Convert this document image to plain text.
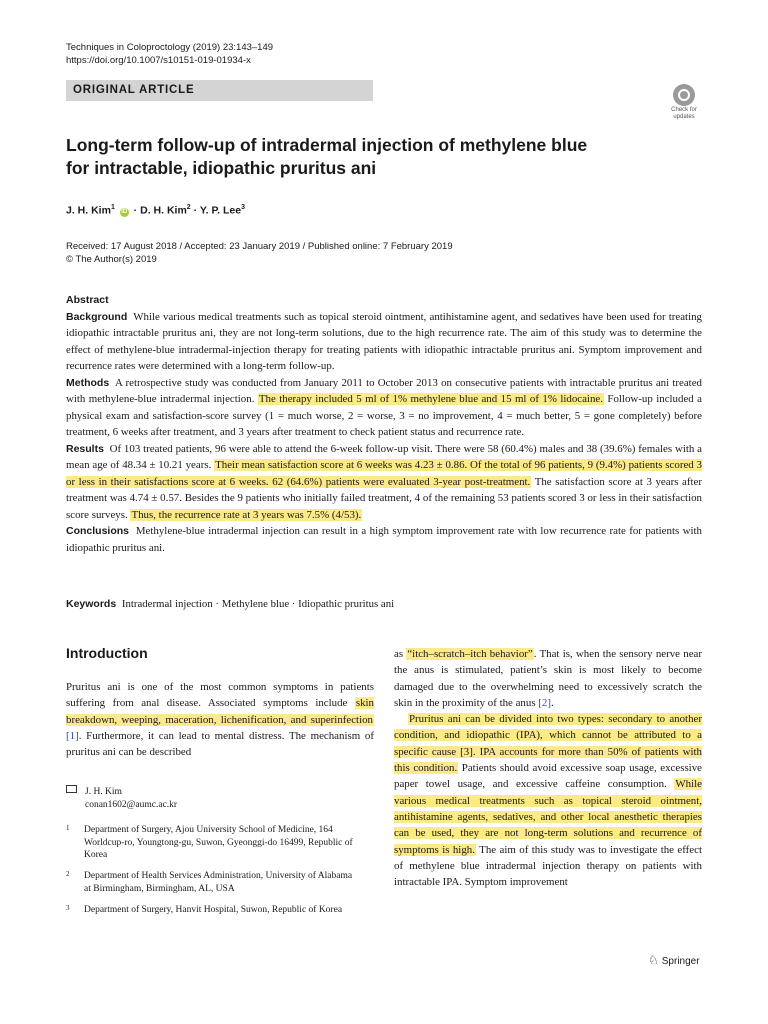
Techniques in Coloproctology (2019) 23:143–149
https://doi.org/10.1007/s10151-019-01934-x
ORIGINAL ARTICLE
Check for
updates
Long-term follow-up of intradermal injection of methylene blue
for intractable, idiopathic pruritus ani
J. H. Kim$^1$ iD · D. H. Kim$^2$ · Y. P. Lee$^3$
Received: 17 August 2018 / Accepted: 23 January 2019 / Published online: 7 February 2019
© The Author(s) 2019
Abstract

Background While various medical treatments such as topical steroid ointment, antihistamine agent, and sedatives have been used for treating idiopathic intractable pruritus ani, they are not long-term solutions, due to the high recurrence rate. The aim of this study was to determine the effect of methylene-blue intradermal-injection therapy for treating patients with idiopathic intractable pruritus ani. Symptom improvement and recurrence rates were determined with a long-term follow-up.

Methods A retrospective study was conducted from January 2011 to October 2013 on consecutive patients with intractable pruritus ani treated with methylene-blue intradermal injection. The therapy included 5 ml of 1% methylene blue and 15 ml of 1% lidocaine. Follow-up included a physical exam and satisfaction-score survey (1 = much worse, 2 = worse, 3 = no improvement, 4 = much better, 5 = gone completely) before treatment, 6 weeks after treatment, and 3 years after treatment to check patient status and recurrence rate.

Results Of 103 treated patients, 96 were able to attend the 6-week follow-up visit. There were 58 (60.4%) males and 38 (39.6%) females with a mean age of 48.34 ± 10.21 years. Their mean satisfaction score at 6 weeks was 4.23 ± 0.86. Of the total of 96 patients, 9 (9.4%) patients scored 3 or less in their satisfactions score at 6 weeks. 62 (64.6%) patients were evaluated 3-year post-treatment. The satisfaction score at 3 years after treatment was 4.74 ± 0.57. Besides the 9 patients who initially failed treatment, 4 of the remaining 53 patients scored 3 or less in their satisfaction score surveys. Thus, the recurrence rate at 3 years was 7.5% (4/53).

Conclusions Methylene-blue intradermal injection can result in a high symptom improvement rate with low recurrence rate for patients with idiopathic pruritus ani.

Keywords Intradermal injection · Methylene blue · Idiopathic pruritus ani
Introduction
Pruritus ani is one of the most common symptoms in patients suffering from anal disease. Associated symptoms include skin breakdown, weeping, maceration, lichenification, and superinfection [1]. Furthermore, it can lead to mental distress. The mechanism of pruritus ani can be described

as “itch–scratch–itch behavior”. That is, when the sensory nerve near the anus is stimulated, patient’s skin is most likely to become damaged due to the overwhelming need to excessively scratch the skin in the proximity of the anus [2].

Pruritus ani can be divided into two types: secondary to another condition, and idiopathic (IPA), which cannot be attributed to a specific cause [3]. IPA accounts for more than 50% of patients with this condition. Patients should avoid excessive soap usage, excessive paper towel usage, and excessive caffeine consumption. While various medical treatments such as topical steroid ointment, antihistamine agents, sedatives, and other local anesthetic therapies can be used, they are not long-term solutions and recurrence of symptoms is high. The aim of this study was to investigate the effect of methylene blue intradermal injection therapy on patients with intractable IPA. Symptom improvement

J. H. Kim
conan1602@aumc.ac.kr
1 Department of Surgery, Ajou University School of Medicine, 164 Worldcup-ro, Youngtong-gu, Suwon, Gyeonggi-do 16499, Republic of Korea
2 Department of Health Services Administration, University of Alabama at Birmingham, Birmingham, AL, USA
3 Department of Surgery, Hanvit Hospital, Suwon, Republic of Korea
♘ Springer
